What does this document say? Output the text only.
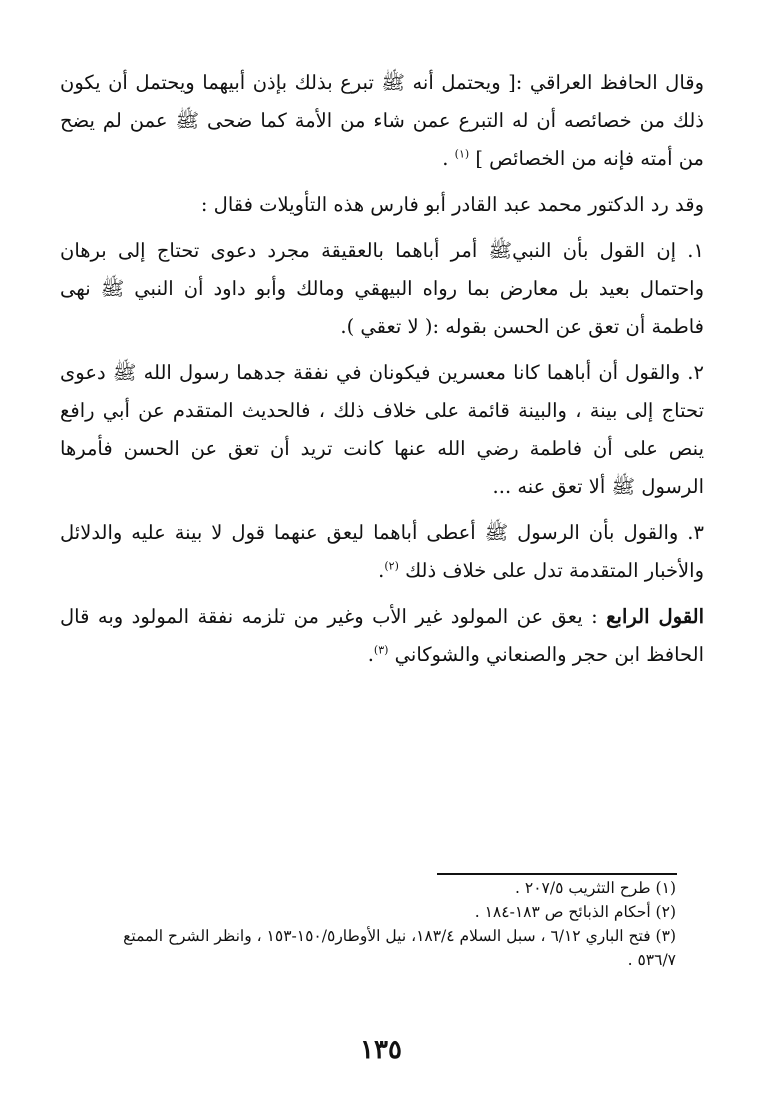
وقال الحافظ العراقي :[ ويحتمل أنه ﷺ تبرع بذلك بإذن أبيهما ويحتمل أن يكون ذلك من خصائصه أن له التبرع عمن شاء من الأمة كما ضحى ﷺ عمن لم يضح من أمته فإنه من الخصائص ] $^{(١)}$ .

وقد رد الدكتور محمد عبد القادر أبو فارس هذه التأويلات فقال :

١. إن القول بأن النبيﷺ أمر أباهما بالعقيقة مجرد دعوى تحتاج إلى برهان واحتمال بعيد بل معارض بما رواه البيهقي ومالك وأبو داود أن النبي ﷺ نهى فاطمة أن تعق عن الحسن بقوله :( لا تعقي ).

٢. والقول أن أباهما كانا معسرين فيكونان في نفقة جدهما رسول الله ﷺ دعوى تحتاج إلى بينة ، والبينة قائمة على خلاف ذلك ، فالحديث المتقدم عن أبي رافع ينص على أن فاطمة رضي الله عنها كانت تريد أن تعق عن الحسن فأمرها الرسول ﷺ ألا تعق عنه ...

٣. والقول بأن الرسول ﷺ أعطى أباهما ليعق عنهما قول لا بينة عليه والدلائل والأخبار المتقدمة تدل على خلاف ذلك $^{(٢)}$.

القول الرابع : يعق عن المولود غير الأب وغير من تلزمه نفقة المولود وبه قال الحافظ ابن حجر والصنعاني والشوكاني $^{(٣)}$.

(١) طرح التثريب ٢٠٧/٥ .

(٢) أحكام الذبائح ص ١٨٣-١٨٤ .

(٣) فتح الباري ٦/١٢ ، سبل السلام ١٨٣/٤، نيل الأوطار١٥٠/٥-١٥٣ ، وانظر الشرح الممتع ٥٣٦/٧ .

١٣٥
